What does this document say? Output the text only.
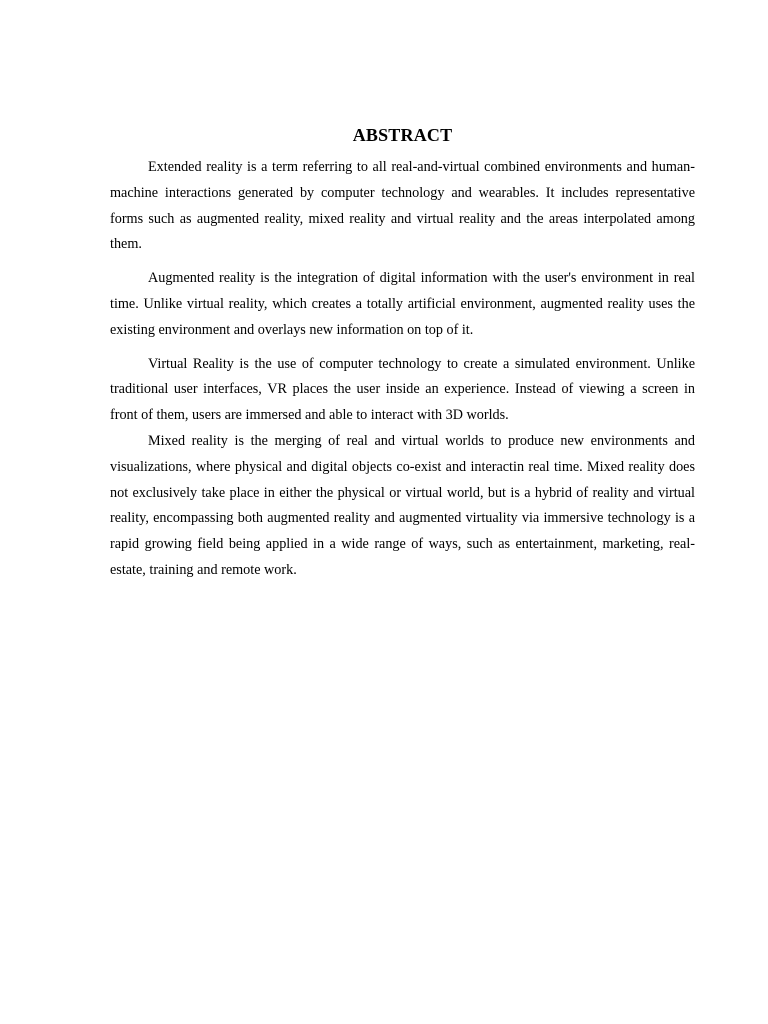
ABSTRACT

Extended reality is a term referring to all real-and-virtual combined environments and human-machine interactions generated by computer technology and wearables. It includes representative forms such as augmented reality, mixed reality and virtual reality and the areas interpolated among them.

Augmented reality is the integration of digital information with the user's environment in real time. Unlike virtual reality, which creates a totally artificial environment, augmented reality uses the existing environment and overlays new information on top of it.

Virtual Reality is the use of computer technology to create a simulated environment. Unlike traditional user interfaces, VR places the user inside an experience. Instead of viewing a screen in front of them, users are immersed and able to interact with 3D worlds.

Mixed reality is the merging of real and virtual worlds to produce new environments and visualizations, where physical and digital objects co-exist and interactin real time. Mixed reality does not exclusively take place in either the physical or virtual world, but is a hybrid of reality and virtual reality, encompassing both augmented reality and augmented virtuality via immersive technology is a rapid growing field being applied in a wide range of ways, such as entertainment, marketing, real-estate, training and remote work.
